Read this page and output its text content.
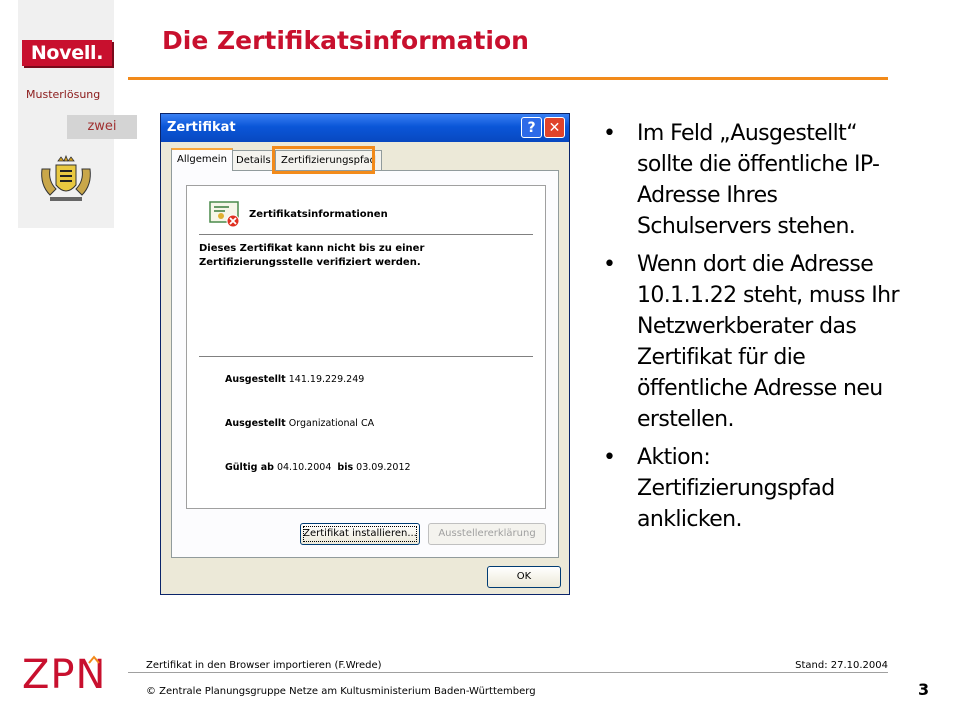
Novell.
Musterlösung
zwei
Die Zertifikatsinformation
Zertifikat	? ✕
Allgemein Details	Zertifizierungspfad
Zertifikatsinformationen
Dieses Zertifikat kann nicht bis zu einer Zertifizierungsstelle verifiziert werden.
Ausgestellt 141.19.229.249
Ausgestellt Organizational CA
Gültig ab 04.10.2004 bis 03.09.2012
Zertifikat installieren...	Ausstellererklärung
OK
• Im Feld „Ausgestellt“ sollte die öffentliche IP-Adresse Ihres Schulservers stehen.
• Wenn dort die Adresse 10.1.1.22 steht, muss Ihr Netzwerkberater das Zertifikat für die öffentliche Adresse neu erstellen.
• Aktion: Zertifizierungspfad anklicken.
ZPN	Zertifikat in den Browser importieren (F.Wrede)	Stand: 27.10.2004
© Zentrale Planungsgruppe Netze am Kultusministerium Baden-Württemberg	3
